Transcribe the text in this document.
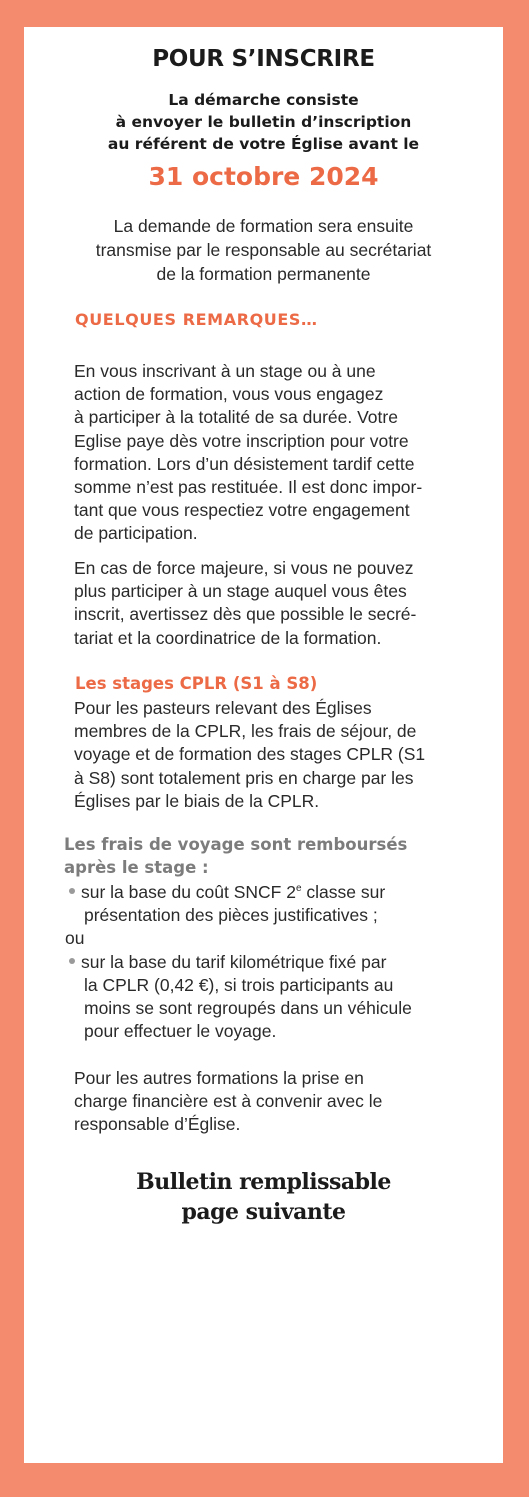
POUR S’INSCRIRE
La démarche consiste
à envoyer le bulletin d’inscription
au référent de votre Église avant le
31 octobre 2024
La demande de formation sera ensuite
transmise par le responsable au secrétariat
de la formation permanente
QUELQUES REMARQUES…
En vous inscrivant à un stage ou à une
action de formation, vous vous engagez
à participer à la totalité de sa durée. Votre
Eglise paye dès votre inscription pour votre
formation. Lors d’un désistement tardif cette
somme n’est pas restituée. Il est donc impor-
tant que vous respectiez votre engagement
de participation.
En cas de force majeure, si vous ne pouvez
plus participer à un stage auquel vous êtes
inscrit, avertissez dès que possible le secré-
tariat et la coordinatrice de la formation.
Les stages CPLR (S1 à S8)
Pour les pasteurs relevant des Églises
membres de la CPLR, les frais de séjour, de
voyage et de formation des stages CPLR (S1
à S8) sont totalement pris en charge par les
Églises par le biais de la CPLR.
Les frais de voyage sont remboursés
après le stage :
sur la base du coût SNCF 2e classe sur
présentation des pièces justificatives ;
ou
sur la base du tarif kilométrique fixé par
la CPLR (0,42 €), si trois participants au
moins se sont regroupés dans un véhicule
pour effectuer le voyage.
Pour les autres formations la prise en
charge financière est à convenir avec le
responsable d’Église.
Bulletin remplissable
page suivante
